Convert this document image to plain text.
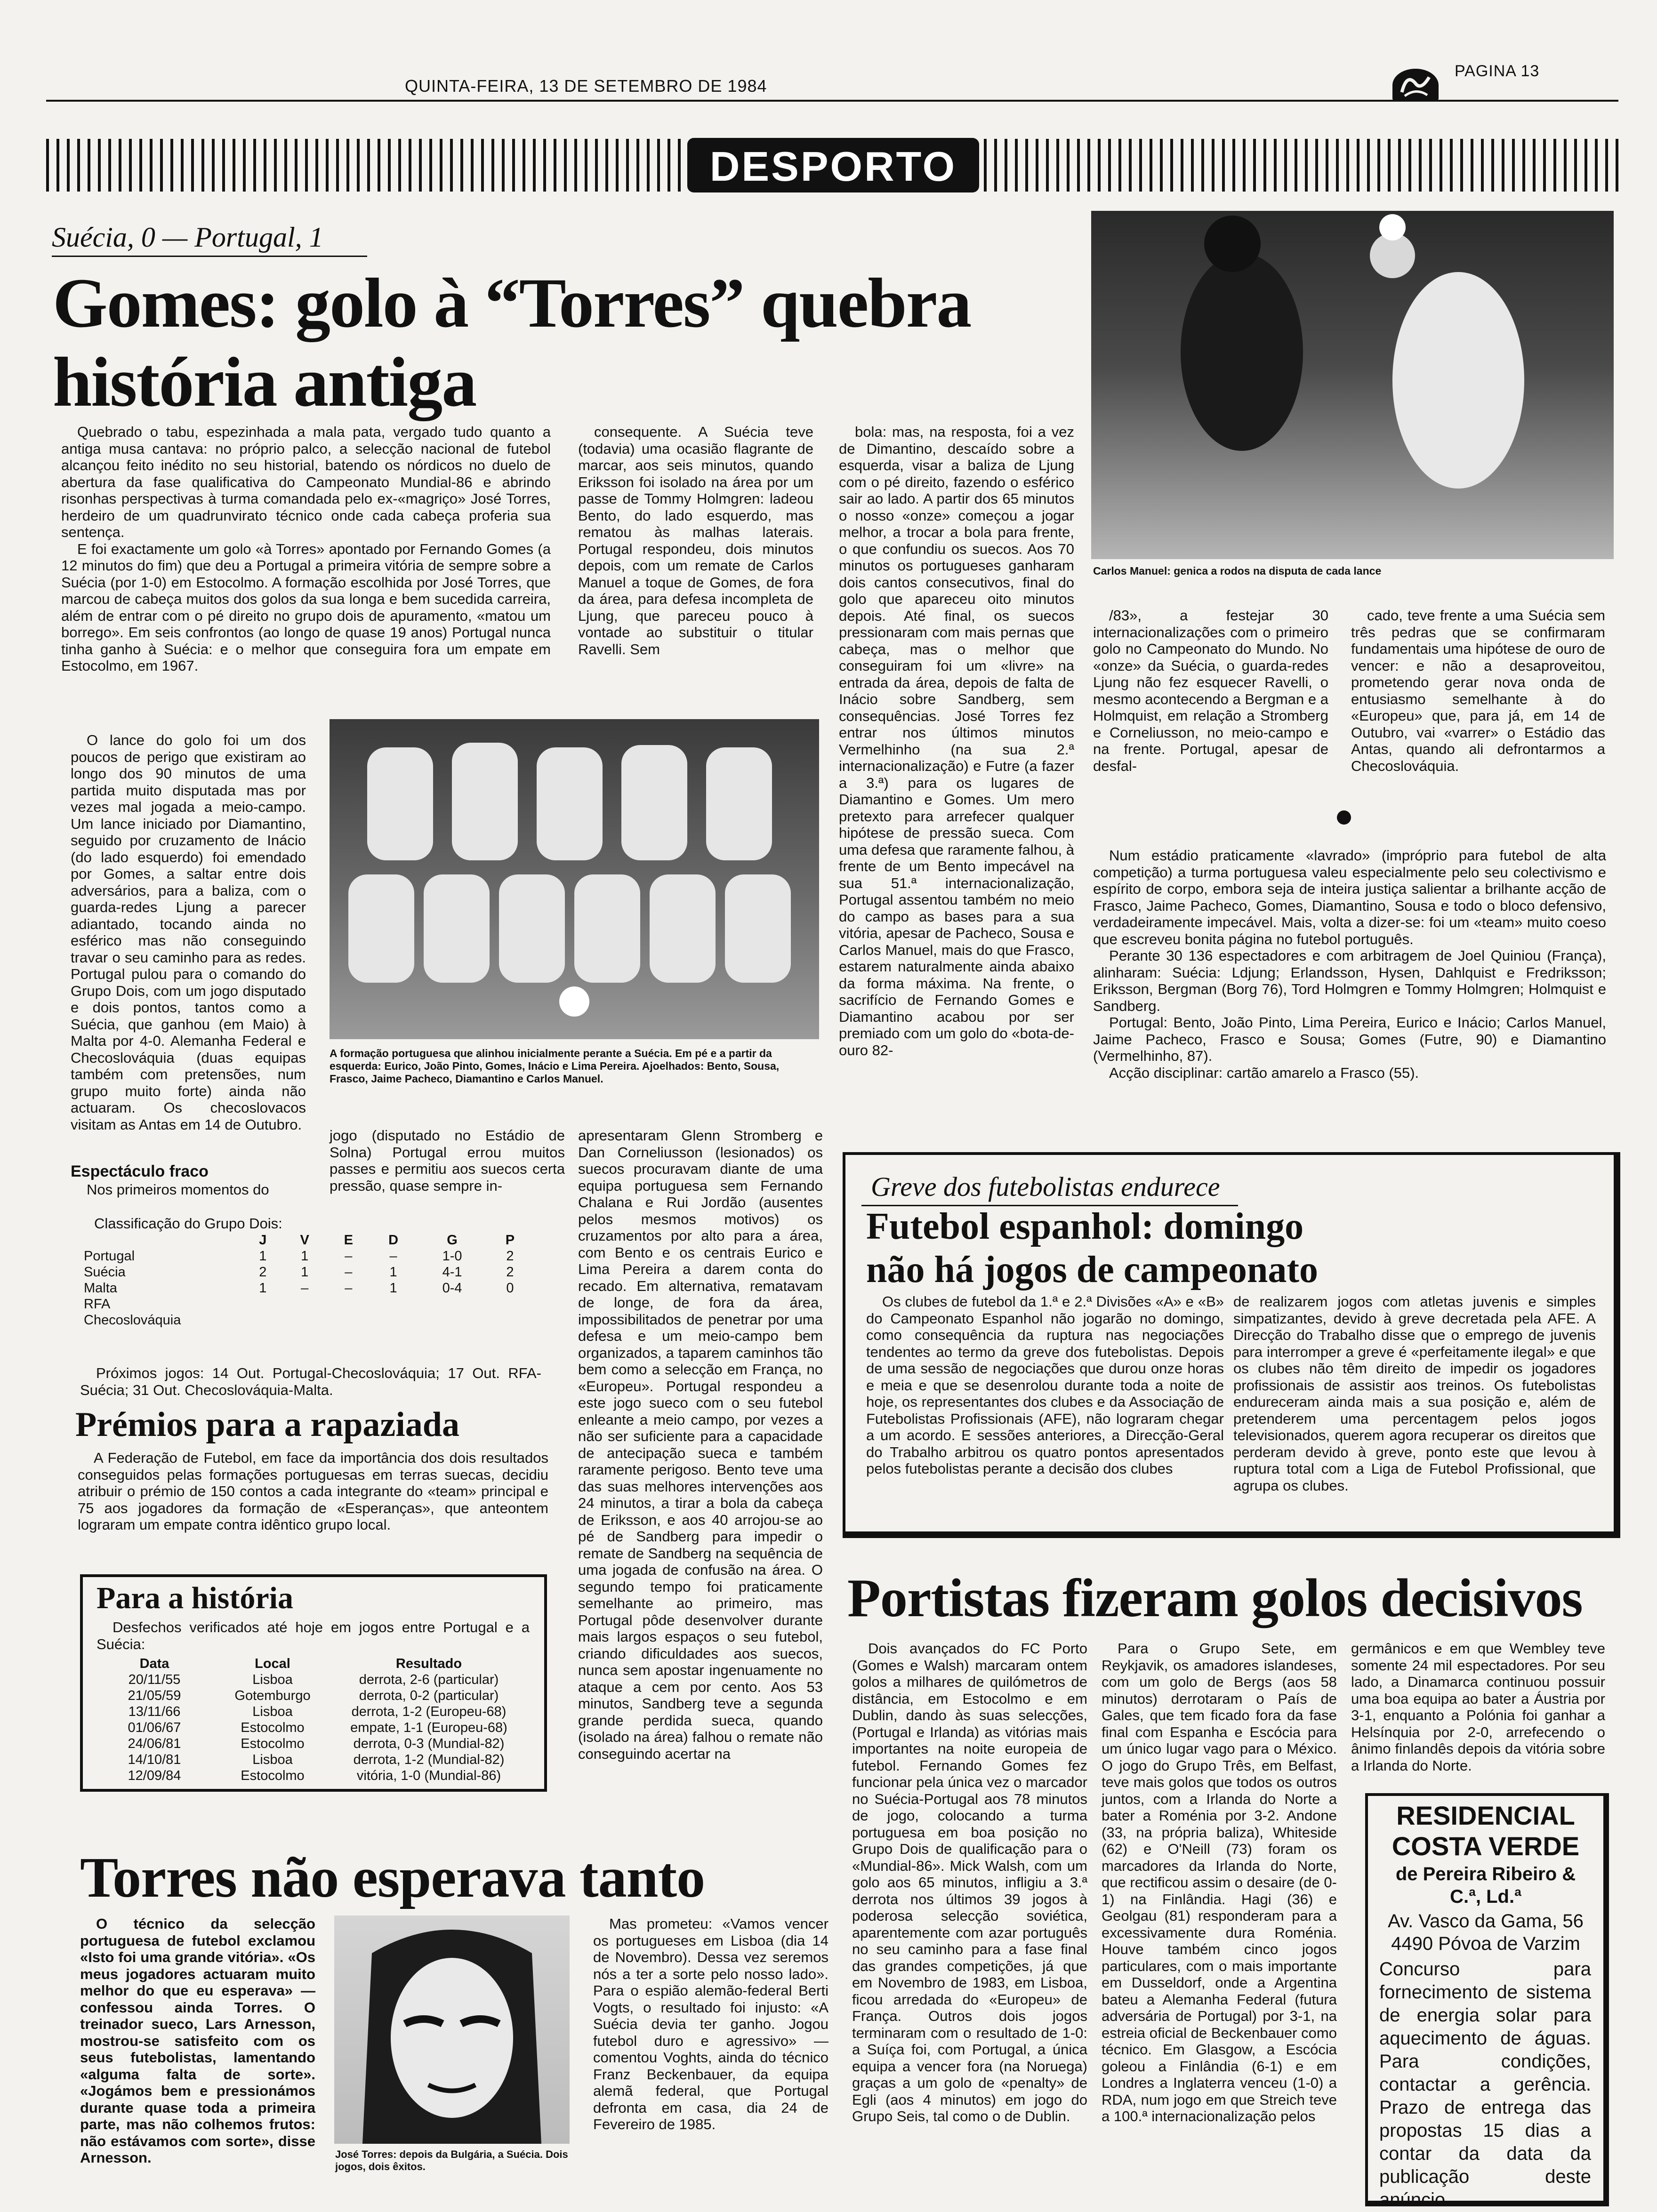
QUINTA-FEIRA, 13 DE SETEMBRO DE 1984
PAGINA 13
DESPORTO
Suécia, 0 — Portugal, 1
Gomes: golo à “Torres” quebra história antiga
Carlos Manuel: genica a rodos na disputa de cada lance

Quebrado o tabu, espezinhada a mala pata, vergado tudo quanto a antiga musa cantava: no próprio palco, a selecção nacional de futebol alcançou feito inédito no seu historial, batendo os nórdicos no duelo de abertura da fase qualificativa do Campeonato Mundial-86 e abrindo risonhas perspectivas à turma comandada pelo ex-«magriço» José Torres, herdeiro de um quadrunvirato técnico onde cada cabeça proferia sua sentença.

E foi exactamente um golo «à Torres» apontado por Fernando Gomes (a 12 minutos do fim) que deu a Portugal a primeira vitória de sempre sobre a Suécia (por 1-0) em Estocolmo. A formação escolhida por José Torres, que marcou de cabeça muitos dos golos da sua longa e bem sucedida carreira, além de entrar com o pé direito no grupo dois de apuramento, «matou um borrego». Em seis confrontos (ao longo de quase 19 anos) Portugal nunca tinha ganho à Suécia: e o melhor que conseguira fora um empate em Estocolmo, em 1967.

consequente. A Suécia teve (todavia) uma ocasião flagrante de marcar, aos seis minutos, quando Eriksson foi isolado na área por um passe de Tommy Holmgren: ladeou Bento, do lado esquerdo, mas rematou às malhas laterais. Portugal respondeu, dois minutos depois, com um remate de Carlos Manuel a toque de Gomes, de fora da área, para defesa incompleta de Ljung, que pareceu pouco à vontade ao substituir o titular Ravelli. Sem

bola: mas, na resposta, foi a vez de Dimantino, descaído sobre a esquerda, visar a baliza de Ljung com o pé direito, fazendo o esférico sair ao lado. A partir dos 65 minutos o nosso «onze» começou a jogar melhor, a trocar a bola para frente, o que confundiu os suecos. Aos 70 minutos os portugueses ganharam dois cantos consecutivos, final do golo que apareceu oito minutos depois. Até final, os suecos pressionaram com mais pernas que cabeça, mas o melhor que conseguiram foi um «livre» na entrada da área, depois de falta de Inácio sobre Sandberg, sem consequências. José Torres fez entrar nos últimos minutos Vermelhinho (na sua 2.ª internacionalização) e Futre (a fazer a 3.ª) para os lugares de Diamantino e Gomes. Um mero pretexto para arrefecer qualquer hipótese de pressão sueca. Com uma defesa que raramente falhou, à frente de um Bento impecável na sua 51.ª internacionalização, Portugal assentou também no meio do campo as bases para a sua vitória, apesar de Pacheco, Sousa e Carlos Manuel, mais do que Frasco, estarem naturalmente ainda abaixo da forma máxima. Na frente, o sacrifício de Fernando Gomes e Diamantino acabou por ser premiado com um golo do «bota-de-ouro 82-

/83», a festejar 30 internacionalizações com o primeiro golo no Campeonato do Mundo. No «onze» da Suécia, o guarda-redes Ljung não fez esquecer Ravelli, o mesmo acontecendo a Bergman e a Holmquist, em relação a Stromberg e Corneliusson, no meio-campo e na frente. Portugal, apesar de desfal-

cado, teve frente a uma Suécia sem três pedras que se confirmaram fundamentais uma hipótese de ouro de vencer: e não a desaproveitou, prometendo gerar nova onda de entusiasmo semelhante à do «Europeu» que, para já, em 14 de Outubro, vai «varrer» o Estádio das Antas, quando ali defrontarmos a Checoslováquia.

Num estádio praticamente «lavrado» (impróprio para futebol de alta competição) a turma portuguesa valeu especialmente pelo seu colectivismo e espírito de corpo, embora seja de inteira justiça salientar a brilhante acção de Frasco, Jaime Pacheco, Gomes, Diamantino, Sousa e todo o bloco defensivo, verdadeiramente impecável. Mais, volta a dizer-se: foi um «team» muito coeso que escreveu bonita página no futebol português.

Perante 30 136 espectadores e com arbitragem de Joel Quiniou (França), alinharam: Suécia: Ldjung; Erlandsson, Hysen, Dahlquist e Fredriksson; Eriksson, Bergman (Borg 76), Tord Holmgren e Tommy Holmgren; Holmquist e Sandberg.

Portugal: Bento, João Pinto, Lima Pereira, Eurico e Inácio; Carlos Manuel, Jaime Pacheco, Frasco e Sousa; Gomes (Futre, 90) e Diamantino (Vermelhinho, 87).

Acção disciplinar: cartão amarelo a Frasco (55).

O lance do golo foi um dos poucos de perigo que existiram ao longo dos 90 minutos de uma partida muito disputada mas por vezes mal jogada a meio-campo. Um lance iniciado por Diamantino, seguido por cruzamento de Inácio (do lado esquerdo) foi emendado por Gomes, a saltar entre dois adversários, para a baliza, com o guarda-redes Ljung a parecer adiantado, tocando ainda no esférico mas não conseguindo travar o seu caminho para as redes. Portugal pulou para o comando do Grupo Dois, com um jogo disputado e dois pontos, tantos como a Suécia, que ganhou (em Maio) à Malta por 4-0. Alemanha Federal e Checoslováquia (duas equipas também com pretensões, num grupo muito forte) ainda não actuaram. Os checoslovacos visitam as Antas em 14 de Outubro.

A formação portuguesa que alinhou inicialmente perante a Suécia. Em pé e a partir da esquerda: Eurico, João Pinto, Gomes, Inácio e Lima Pereira. Ajoelhados: Bento, Sousa, Frasco, Jaime Pacheco, Diamantino e Carlos Manuel.
Espectáculo fraco

Nos primeiros momentos do

jogo (disputado no Estádio de Solna) Portugal errou muitos passes e permitiu aos suecos certa pressão, quase sempre in-

apresentaram Glenn Stromberg e Dan Corneliusson (lesionados) os suecos procuravam diante de uma equipa portuguesa sem Fernando Chalana e Rui Jordão (ausentes pelos mesmos motivos) os cruzamentos por alto para a área, com Bento e os centrais Eurico e Lima Pereira a darem conta do recado. Em alternativa, rematavam de longe, de fora da área, impossibilitados de penetrar por uma defesa e um meio-campo bem organizados, a taparem caminhos tão bem como a selecção em França, no «Europeu». Portugal respondeu a este jogo sueco com o seu futebol enleante a meio campo, por vezes a não ser suficiente para a capacidade de antecipação sueca e também raramente perigoso. Bento teve uma das suas melhores intervenções aos 24 minutos, a tirar a bola da cabeça de Eriksson, e aos 40 arrojou-se ao pé de Sandberg para impedir o remate de Sandberg na sequência de uma jogada de confusão na área. O segundo tempo foi praticamente semelhante ao primeiro, mas Portugal pôde desenvolver durante mais largos espaços o seu futebol, criando dificuldades aos suecos, nunca sem apostar ingenuamente no ataque a cem por cento. Aos 53 minutos, Sandberg teve a segunda grande perdida sueca, quando (isolado na área) falhou o remate não conseguindo acertar na

Classificação do Grupo Dois:
	J	V	E	D	G	P
Portugal	1	1	–	–	1-0	2
Suécia	2	1	–	1	4-1	2
Malta	1	–	–	1	0-4	0
RFA						
Checoslováquia						

Próximos jogos: 14 Out. Portugal-Checoslováquia; 17 Out. RFA-Suécia; 31 Out. Checoslováquia-Malta.

Prémios para a rapaziada

A Federação de Futebol, em face da importância dos dois resultados conseguidos pelas formações portuguesas em terras suecas, decidiu atribuir o prémio de 150 contos a cada integrante do «team» principal e 75 aos jogadores da formação de «Esperanças», que anteontem lograram um empate contra idêntico grupo local.

Para a história

Desfechos verificados até hoje em jogos entre Portugal e a Suécia:

Data	Local	Resultado
20/11/55	Lisboa	derrota, 2-6 (particular)
21/05/59	Gotemburgo	derrota, 0-2 (particular)
13/11/66	Lisboa	derrota, 1-2 (Europeu-68)
01/06/67	Estocolmo	empate, 1-1 (Europeu-68)
24/06/81	Estocolmo	derrota, 0-3 (Mundial-82)
14/10/81	Lisboa	derrota, 1-2 (Mundial-82)
12/09/84	Estocolmo	vitória, 1-0 (Mundial-86)
Torres não esperava tanto

O técnico da selecção portuguesa de futebol exclamou «Isto foi uma grande vitória». «Os meus jogadores actuaram muito melhor do que eu esperava» — confessou ainda Torres. O treinador sueco, Lars Arnesson, mostrou-se satisfeito com os seus futebolistas, lamentando «alguma falta de sorte». «Jogámos bem e pressionámos durante quase toda a primeira parte, mas não colhemos frutos: não estávamos com sorte», disse Arnesson.	José Torres: depois da Bulgária, a Suécia. Dois jogos, dois êxitos.

Mas prometeu: «Vamos vencer os portugueses em Lisboa (dia 14 de Novembro). Dessa vez seremos nós a ter a sorte pelo nosso lado». Para o espião alemão-federal Berti Vogts, o resultado foi injusto: «A Suécia devia ter ganho. Jogou futebol duro e agressivo» — comentou Voghts, ainda do técnico Franz Beckenbauer, da equipa alemã federal, que Portugal defronta em casa, dia 24 de Fevereiro de 1985.

Greve dos futebolistas endurece
Futebol espanhol: domingo não há jogos de campeonato

Os clubes de futebol da 1.ª e 2.ª Divisões «A» e «B» do Campeonato Espanhol não jogarão no domingo, como consequência da ruptura nas negociações tendentes ao termo da greve dos futebolistas. Depois de uma sessão de negociações que durou onze horas e meia e que se desenrolou durante toda a noite de hoje, os representantes dos clubes e da Associação de Futebolistas Profissionais (AFE), não lograram chegar a um acordo. E sessões anteriores, a Direcção-Geral do Trabalho arbitrou os quatro pontos apresentados pelos futebolistas perante a decisão dos clubes

de realizarem jogos com atletas juvenis e simples simpatizantes, devido à greve decretada pela AFE. A Direcção do Trabalho disse que o emprego de juvenis para interromper a greve é «perfeitamente ilegal» e que os clubes não têm direito de impedir os jogadores profissionais de assistir aos treinos. Os futebolistas endureceram ainda mais a sua posição e, além de pretenderem uma percentagem pelos jogos televisionados, querem agora recuperar os direitos que perderam devido à greve, ponto este que levou à ruptura total com a Liga de Futebol Profissional, que agrupa os clubes.

Portistas fizeram golos decisivos

Dois avançados do FC Porto (Gomes e Walsh) marcaram ontem golos a milhares de quilómetros de distância, em Estocolmo e em Dublin, dando às suas selecções, (Portugal e Irlanda) as vitórias mais importantes na noite europeia de futebol. Fernando Gomes fez funcionar pela única vez o marcador no Suécia-Portugal aos 78 minutos de jogo, colocando a turma portuguesa em boa posição no Grupo Dois de qualificação para o «Mundial-86». Mick Walsh, com um golo aos 65 minutos, infligiu a 3.ª derrota nos últimos 39 jogos à poderosa selecção soviética, aparentemente com azar português no seu caminho para a fase final das grandes competições, já que em Novembro de 1983, em Lisboa, ficou arredada do «Europeu» de França. Outros dois jogos terminaram com o resultado de 1-0: a Suíça foi, com Portugal, a única equipa a vencer fora (na Noruega) graças a um golo de «penalty» de Egli (aos 4 minutos) em jogo do Grupo Seis, tal como o de Dublin.

Para o Grupo Sete, em Reykjavik, os amadores islandeses, com um golo de Bergs (aos 58 minutos) derrotaram o País de Gales, que tem ficado fora da fase final com Espanha e Escócia para um único lugar vago para o México. O jogo do Grupo Três, em Belfast, teve mais golos que todos os outros juntos, com a Irlanda do Norte a bater a Roménia por 3-2. Andone (33, na própria baliza), Whiteside (62) e O'Neill (73) foram os marcadores da Irlanda do Norte, que rectificou assim o desaire (de 0-1) na Finlândia. Hagi (36) e Geolgau (81) responderam para a excessivamente dura Roménia. Houve também cinco jogos particulares, com o mais importante em Dusseldorf, onde a Argentina bateu a Alemanha Federal (futura adversária de Portugal) por 3-1, na estreia oficial de Beckenbauer como técnico. Em Glasgow, a Escócia goleou a Finlândia (6-1) e em Londres a Inglaterra venceu (1-0) a RDA, num jogo em que Streich teve a 100.ª internacionalização pelos

germânicos e em que Wembley teve somente 24 mil espectadores. Por seu lado, a Dinamarca continuou possuir uma boa equipa ao bater a Áustria por 3-1, enquanto a Polónia foi ganhar a Helsínquia por 2-0, arrefecendo o ânimo finlandês depois da vitória sobre a Irlanda do Norte.

RESIDENCIAL
COSTA VERDE
de Pereira Ribeiro &
C.ª, Ld.ª
Av. Vasco da Gama, 56
4490 Póvoa de Varzim
Concurso para fornecimento de sistema de energia solar para aquecimento de águas. Para condições, contactar a gerência. Prazo de entrega das propostas 15 dias a contar da data da publicação deste anúncio.
